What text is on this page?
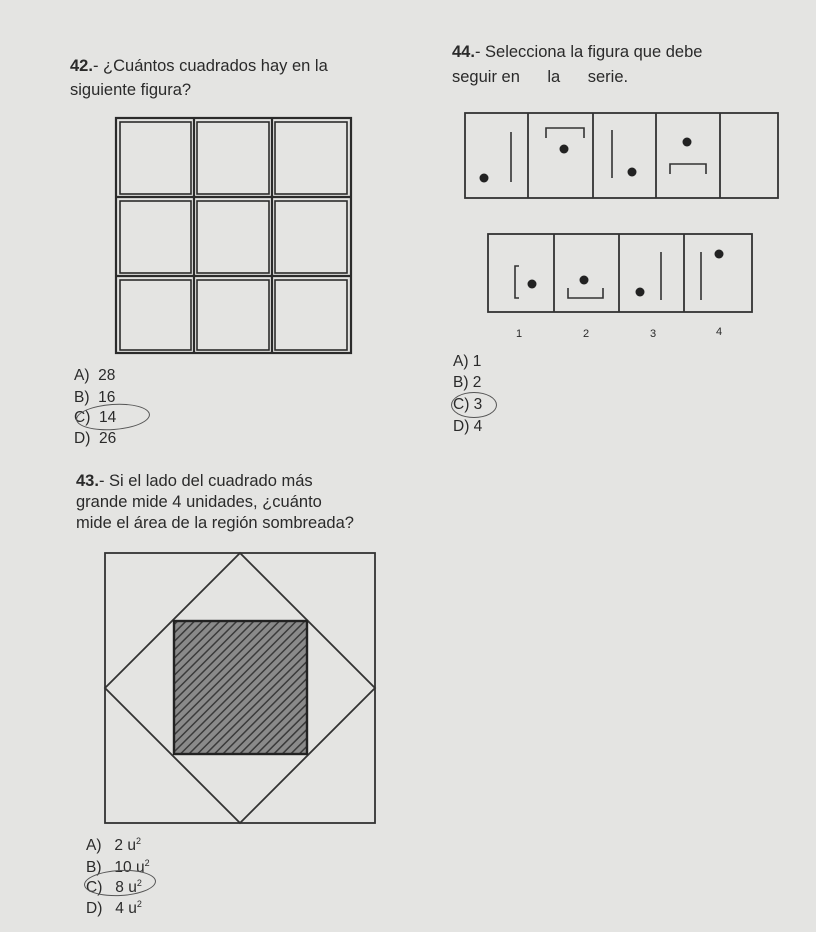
42.- ¿Cuántos cuadrados hay en la
siguiente figura?
44.- Selecciona la figura que debe
seguir en      la      serie.
1	2	3	4
A)  28
B)  16
C)  14
D)  26
A) 1
B) 2
C) 3
D) 4
43.- Si el lado del cuadrado más
grande mide 4 unidades, ¿cuánto
mide el área de la región sombreada?
A) 2 $u^2$
B) 10 $u^2$
C) 8 $u^2$
D) 4 $u^2$
